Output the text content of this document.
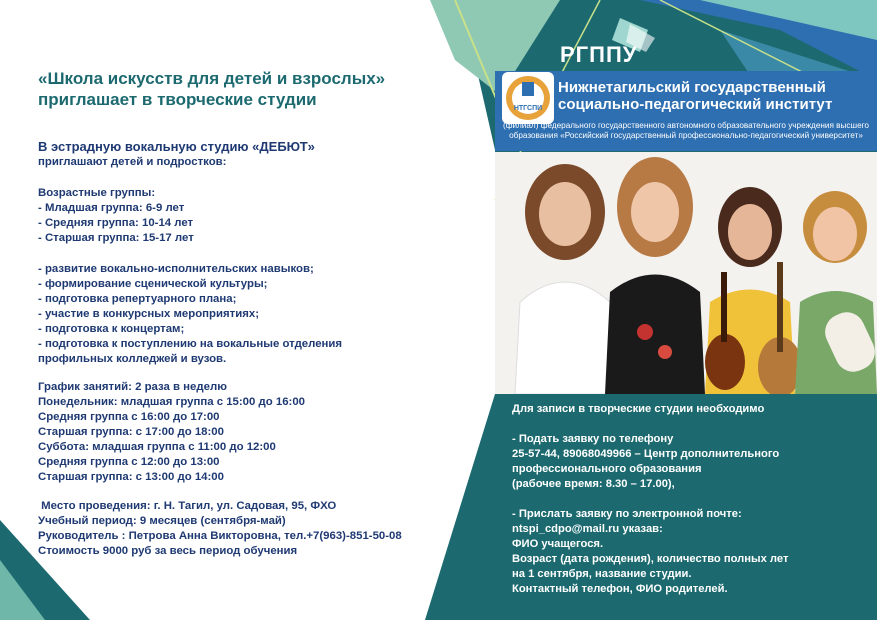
«Школа искусств для детей и взрослых»
приглашает в творческие студии
В эстрадную вокальную студию «ДЕБЮТ»
приглашают детей и подростков:
Возрастные группы:
- Младшая группа: 6-9 лет
- Средняя группа: 10-14 лет
- Старшая группа: 15-17 лет
- развитие вокально-исполнительских навыков;
- формирование сценической культуры;
- подготовка репертуарного плана;
- участие в конкурсных мероприятиях;
- подготовка к концертам;
- подготовка к поступлению на вокальные отделения
профильных колледжей и вузов.
График занятий: 2 раза в неделю
Понедельник: младшая группа с 15:00 до 16:00
Средняя группа с 16:00 до 17:00
Старшая группа: с 17:00 до 18:00
Суббота: младшая группа с 11:00 до 12:00
Средняя группа с 12:00 до 13:00
Старшая группа: с 13:00 до 14:00
Место проведения: г. Н. Тагил, ул. Садовая, 95, ФХО
Учебный период: 9 месяцев (сентября-май)
Руководитель : Петрова Анна Викторовна, тел.+7(963)-851-50-08
Стоимость 9000 руб за весь период обучения
РГППУ
НТГСПИ
Нижнетагильский государственный
социально-педагогический институт
(филиал) федерального государственного автономного образовательного учреждения высшего образования «Российский государственный профессионально-педагогический университет»
Для записи в творческие студии необходимо
- Подать заявку по телефону
25-57-44, 89068049966 – Центр дополнительного
профессионального образования
(рабочее время: 8.30 – 17.00),
- Прислать заявку по электронной почте:
ntspi_cdpo@mail.ru указав:
ФИО учащегося.
Возраст (дата рождения), количество полных лет
на 1 сентября, название студии.
Контактный телефон, ФИО родителей.
